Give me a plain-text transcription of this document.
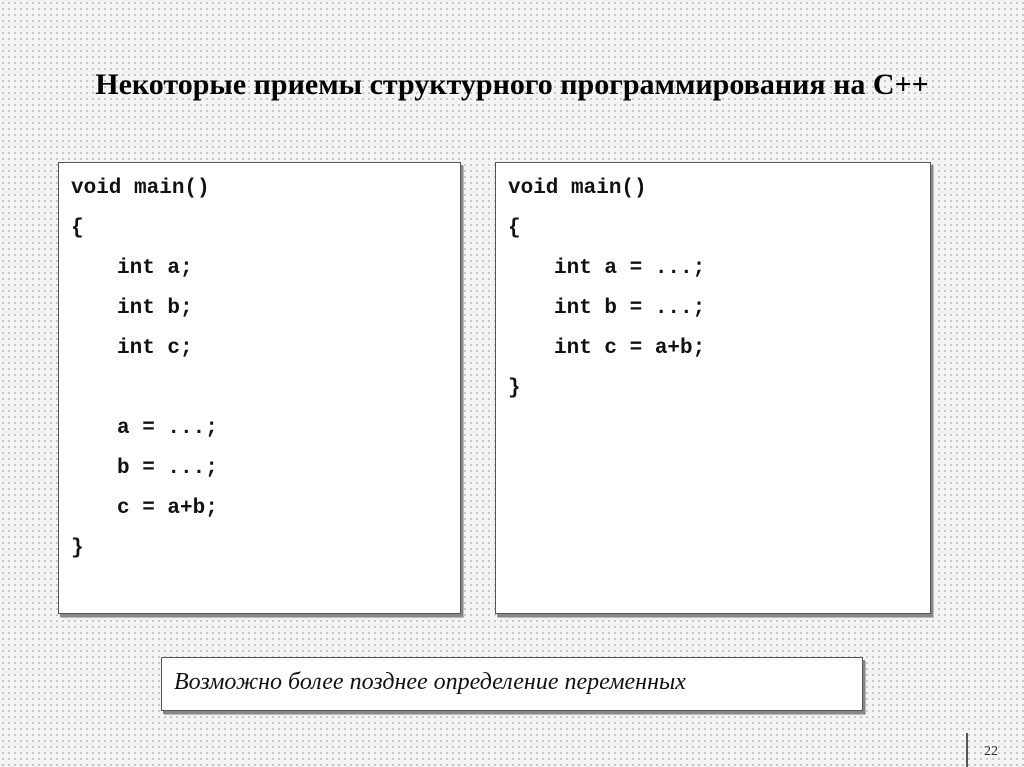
Некоторые приемы структурного программирования на С++
void main()
{
int a;
int b;
int c;
a = ...;
b = ...;
c = a+b;
}
void main()
{
int a = ...;
int b = ...;
int c = a+b;
}
Возможно более позднее определение переменных
22
